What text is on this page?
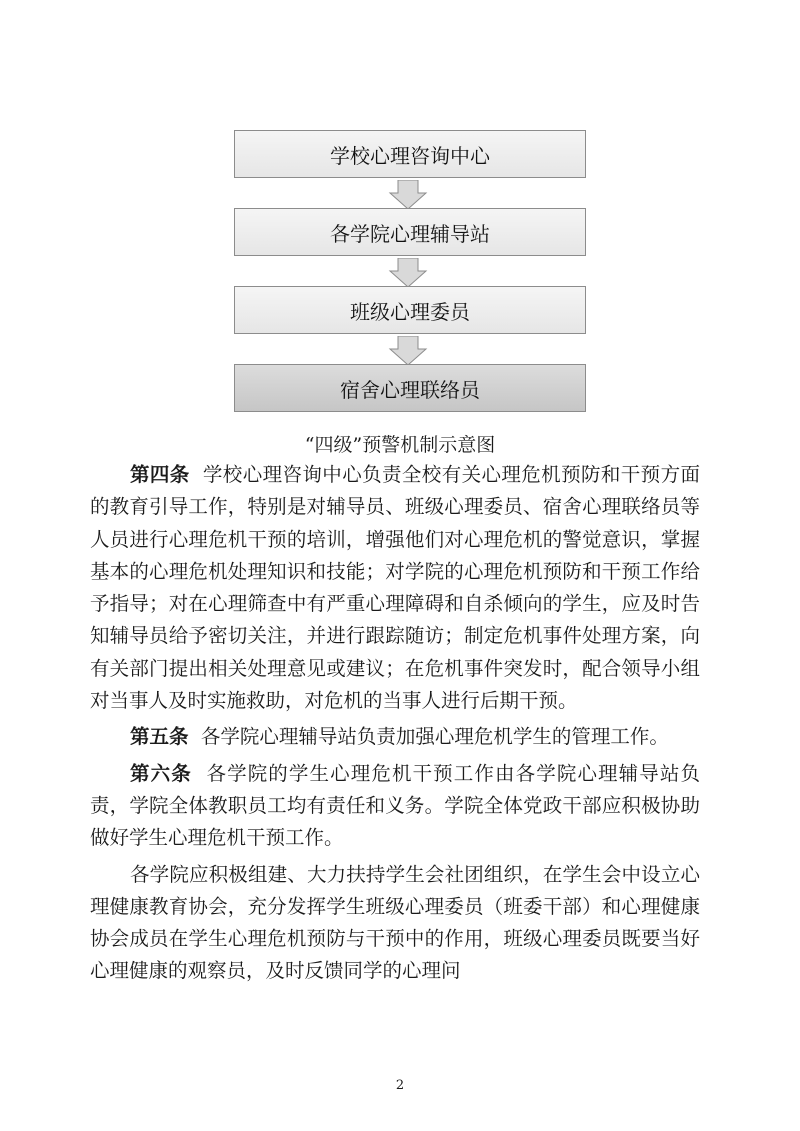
学校心理咨询中心
各学院心理辅导站
班级心理委员
宿舍心理联络员
“四级”预警机制示意图

第四条 学校心理咨询中心负责全校有关心理危机预防和干预方面的教育引导工作，特别是对辅导员、班级心理委员、宿舍心理联络员等人员进行心理危机干预的培训，增强他们对心理危机的警觉意识，掌握基本的心理危机处理知识和技能；对学院的心理危机预防和干预工作给予指导；对在心理筛查中有严重心理障碍和自杀倾向的学生，应及时告知辅导员给予密切关注，并进行跟踪随访；制定危机事件处理方案，向有关部门提出相关处理意见或建议；在危机事件突发时，配合领导小组对当事人及时实施救助，对危机的当事人进行后期干预。

第五条 各学院心理辅导站负责加强心理危机学生的管理工作。

第六条 各学院的学生心理危机干预工作由各学院心理辅导站负责，学院全体教职员工均有责任和义务。学院全体党政干部应积极协助做好学生心理危机干预工作。

各学院应积极组建、大力扶持学生会社团组织，在学生会中设立心理健康教育协会，充分发挥学生班级心理委员（班委干部）和心理健康协会成员在学生心理危机预防与干预中的作用，班级心理委员既要当好心理健康的观察员，及时反馈同学的心理问

2
